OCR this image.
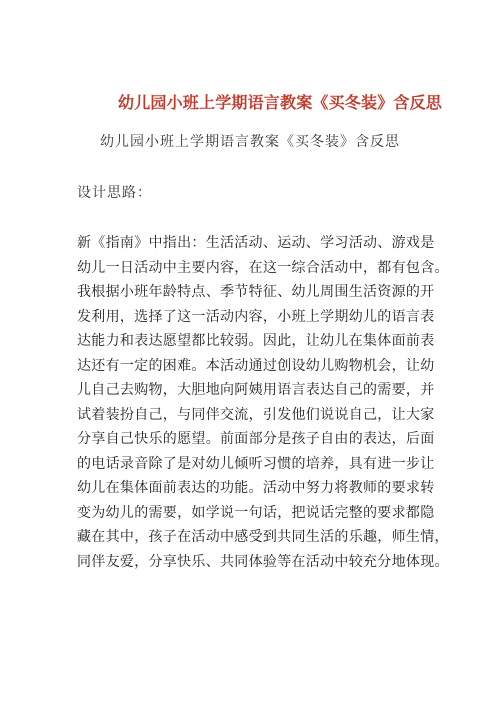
幼儿园小班上学期语言教案《买冬装》含反思
幼儿园小班上学期语言教案《买冬装》含反思
设计思路：
新《指南》中指出：生活活动、运动、学习活动、游戏是
幼儿一日活动中主要内容，在这一综合活动中，都有包含。
我根据小班年龄特点、季节特征、幼儿周围生活资源的开
发利用，选择了这一活动内容，小班上学期幼儿的语言表
达能力和表达愿望都比较弱。因此，让幼儿在集体面前表
达还有一定的困难。本活动通过创设幼儿购物机会，让幼
儿自己去购物，大胆地向阿姨用语言表达自己的需要，并
试着装扮自己，与同伴交流，引发他们说说自己，让大家
分享自己快乐的愿望。前面部分是孩子自由的表达，后面
的电话录音除了是对幼儿倾听习惯的培养，具有进一步让
幼儿在集体面前表达的功能。活动中努力将教师的要求转
变为幼儿的需要，如学说一句话，把说话完整的要求都隐
藏在其中，孩子在活动中感受到共同生活的乐趣，师生情，
同伴友爱，分享快乐、共同体验等在活动中较充分地体现。
